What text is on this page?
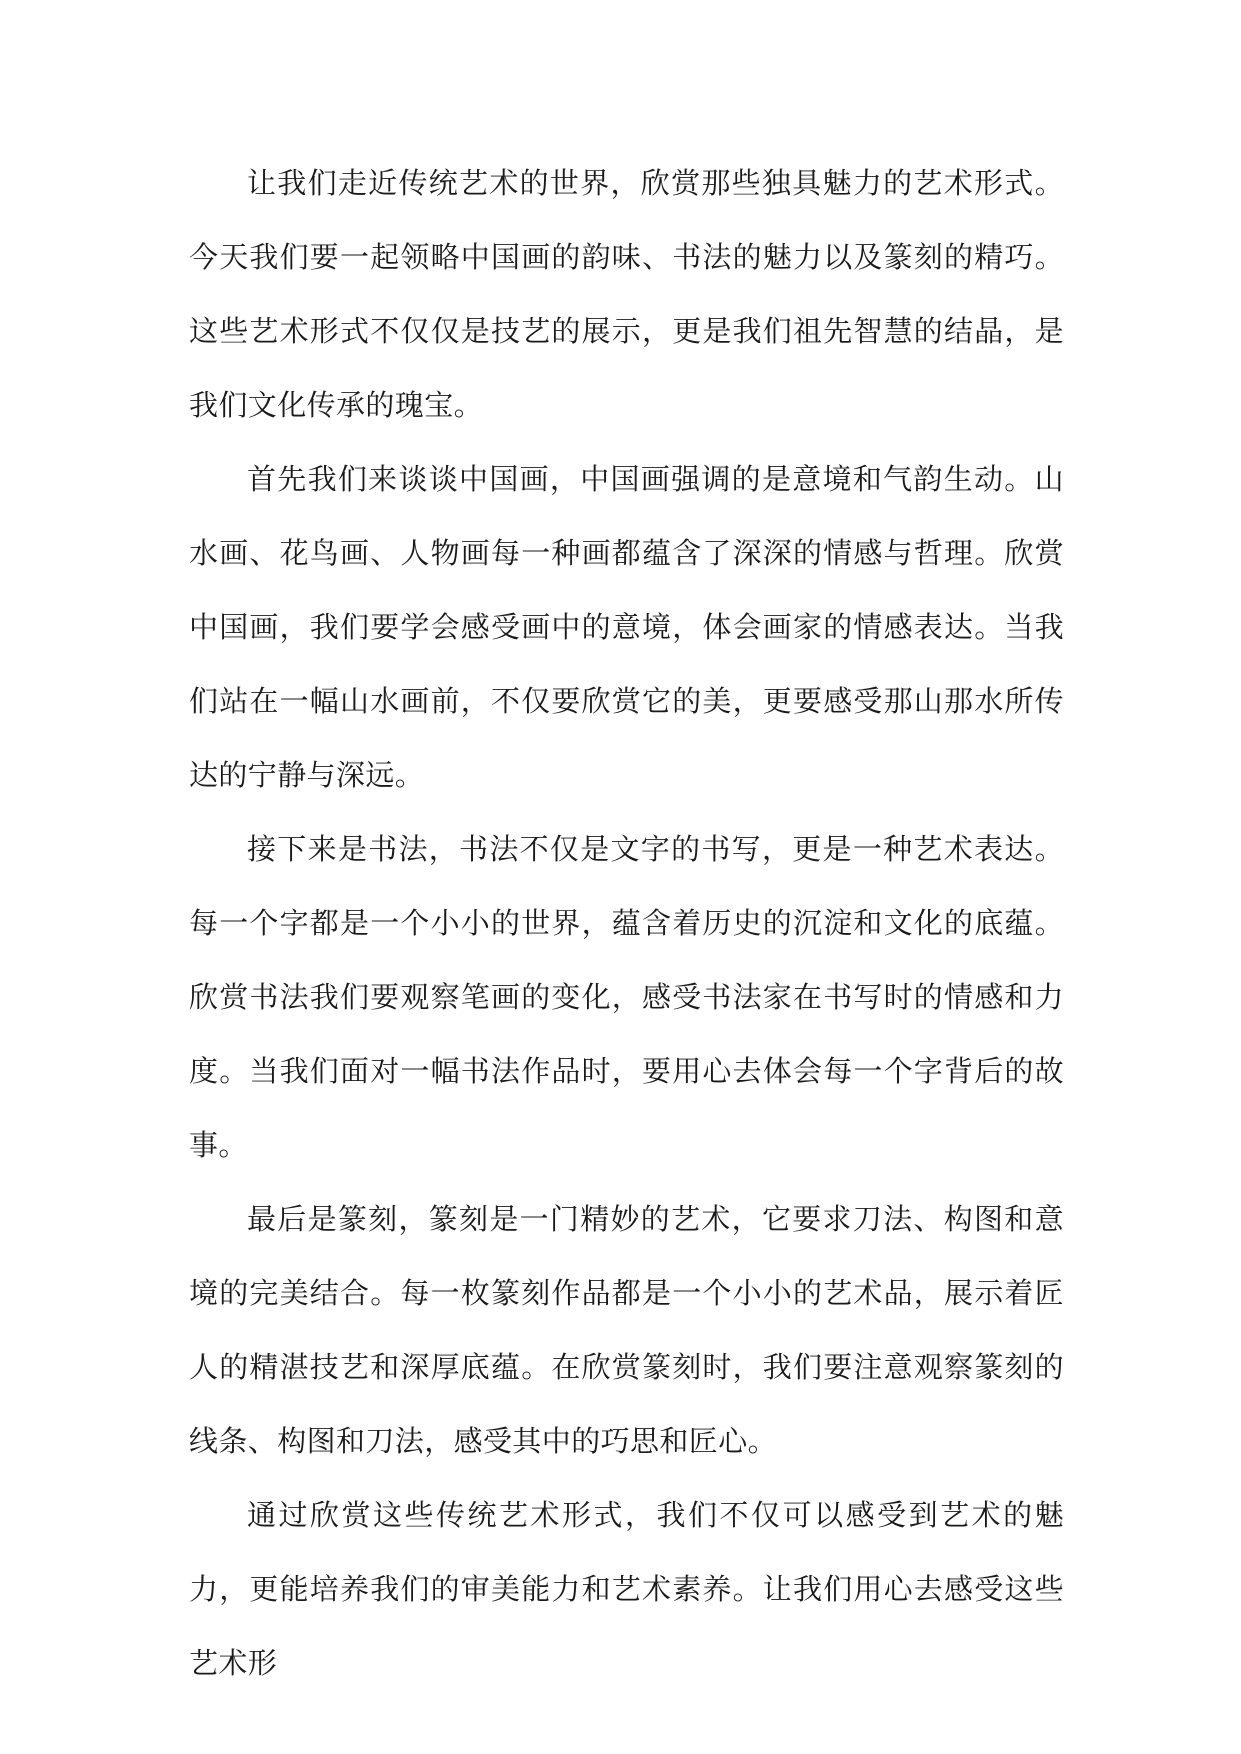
让我们走近传统艺术的世界，欣赏那些独具魅力的艺术形式。今天我们要一起领略中国画的韵味、书法的魅力以及篆刻的精巧。这些艺术形式不仅仅是技艺的展示，更是我们祖先智慧的结晶，是我们文化传承的瑰宝。

首先我们来谈谈中国画，中国画强调的是意境和气韵生动。山水画、花鸟画、人物画每一种画都蕴含了深深的情感与哲理。欣赏中国画，我们要学会感受画中的意境，体会画家的情感表达。当我们站在一幅山水画前，不仅要欣赏它的美，更要感受那山那水所传达的宁静与深远。

接下来是书法，书法不仅是文字的书写，更是一种艺术表达。每一个字都是一个小小的世界，蕴含着历史的沉淀和文化的底蕴。欣赏书法我们要观察笔画的变化，感受书法家在书写时的情感和力度。当我们面对一幅书法作品时，要用心去体会每一个字背后的故事。

最后是篆刻，篆刻是一门精妙的艺术，它要求刀法、构图和意境的完美结合。每一枚篆刻作品都是一个小小的艺术品，展示着匠人的精湛技艺和深厚底蕴。在欣赏篆刻时，我们要注意观察篆刻的线条、构图和刀法，感受其中的巧思和匠心。

通过欣赏这些传统艺术形式，我们不仅可以感受到艺术的魅力，更能培养我们的审美能力和艺术素养。让我们用心去感受这些艺术形
